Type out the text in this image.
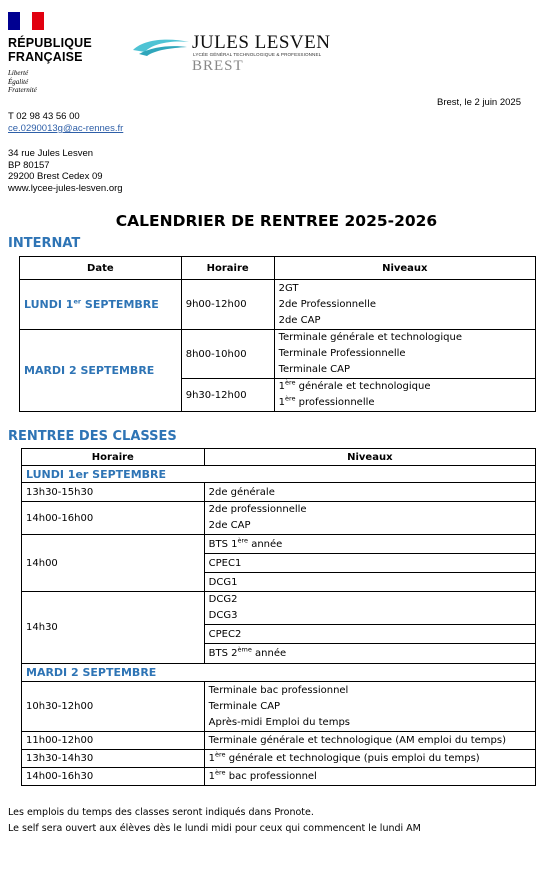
RÉPUBLIQUE
FRANÇAISE
Liberté
Égalité
Fraternité
JULES LESVEN
LYCÉE GÉNÉRAL TECHNOLOGIQUE & PROFESSIONNEL
BREST
Brest, le 2 juin 2025
T 02 98 43 56 00
ce.0290013g@ac-rennes.fr
34 rue Jules Lesven
BP 80157
29200 Brest Cedex 09
www.lycee-jules-lesven.org
CALENDRIER DE RENTREE 2025-2026
INTERNAT
Date	Horaire	Niveaux
LUNDI 1er SEPTEMBRE	9h00-12h00	2GT
2de Professionnelle
2de CAP

MARDI 2 SEPTEMBRE	8h00-10h00	Terminale générale et technologique
Terminale Professionnelle
Terminale CAP

	9h30-12h00	1ère générale et technologique
1ère professionnelle
RENTREE DES CLASSES
Horaire	Niveaux
LUNDI 1er SEPTEMBRE	
13h30-15h30	2de générale
14h00-16h00	2de professionnelle
2de CAP

14h00	BTS 1ère année
	CPEC1
	DCG1
14h30	DCG2
DCG3

	CPEC2
	BTS 2ème année
MARDI 2 SEPTEMBRE	
10h30-12h00	Terminale bac professionnel
Terminale CAP
Après-midi Emploi du temps

11h00-12h00	Terminale générale et technologique (AM emploi du temps)
13h30-14h30	1ère générale et technologique (puis emploi du temps)
14h00-16h30	1ère bac professionnel
Les emplois du temps des classes seront indiqués dans Pronote.
Le self sera ouvert aux élèves dès le lundi midi pour ceux qui commencent le lundi AM
